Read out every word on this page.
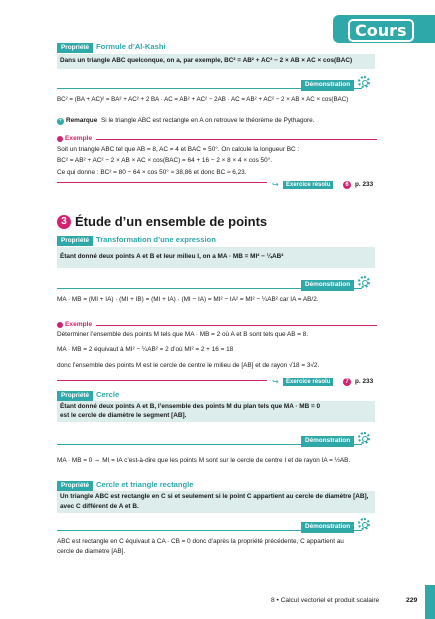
Cours
Propriété Formule d’Al-Kashi
Dans un triangle ABC quelconque, on a, par exemple, BC² = AB² + AC² − 2 × AB × AC × cos(BAC)
Démonstration
BC² = (BA + AC)² = BA² + AC² + 2 BA · AC = AB² + AC² − 2AB · AC = AB² + AC² − 2 × AB × AC × cos(BAC)
+ Remarque Si le triangle ABC est rectangle en A on retrouve le théorème de Pythagore.
Exemple
Soit un triangle ABC tel que AB = 8, AC = 4 et BAC = 50°. On calcule la longueur BC :
BC² = AB² + AC² − 2 × AB × AC × cos(BAC) = 64 + 16 − 2 × 8 × 4 × cos 50°.
Ce qui donne : BC² = 80 − 64 × cos 50° ≈ 38,86 et donc BC ≈ 6,23.
↪	Exercice résolu	6 p. 233
3 Étude d’un ensemble de points
Propriété Transformation d’une expression
Étant donné deux points A et B et leur milieu I, on a MA · MB = MI² − ¼AB²
Démonstration
MA · MB = (MI + IA) · (MI + IB) = (MI + IA) · (MI − IA) = MI² − IA² = MI² − ¼AB² car IA = AB/2.
Exemple
Déterminer l’ensemble des points M tels que MA · MB = 2 où A et B sont tels que AB = 8.
MA · MB = 2 équivaut à MI² − ¼AB² = 2 d’où MI² = 2 + 16 = 18
donc l’ensemble des points M est le cercle de centre le milieu de [AB] et de rayon √18 = 3√2.
↪	Exercice résolu	7 p. 233
Propriété Cercle
Étant donné deux points A et B, l’ensemble des points M du plan tels que MA · MB = 0
est le cercle de diamètre le segment [AB].
Démonstration
MA · MB = 0 ⇔ MI = IA c’est-à-dire que les points M sont sur le cercle de centre I et de rayon IA = ½AB.
Propriété Cercle et triangle rectangle
Un triangle ABC est rectangle en C si et seulement si le point C appartient au cercle de diamètre [AB],
avec C différent de A et B.
Démonstration
ABC est rectangle en C équivaut à CA · CB = 0 donc d’après la propriété précédente, C appartient au
cercle de diamètre [AB].
8 • Calcul vectoriel et produit scalaire	229
